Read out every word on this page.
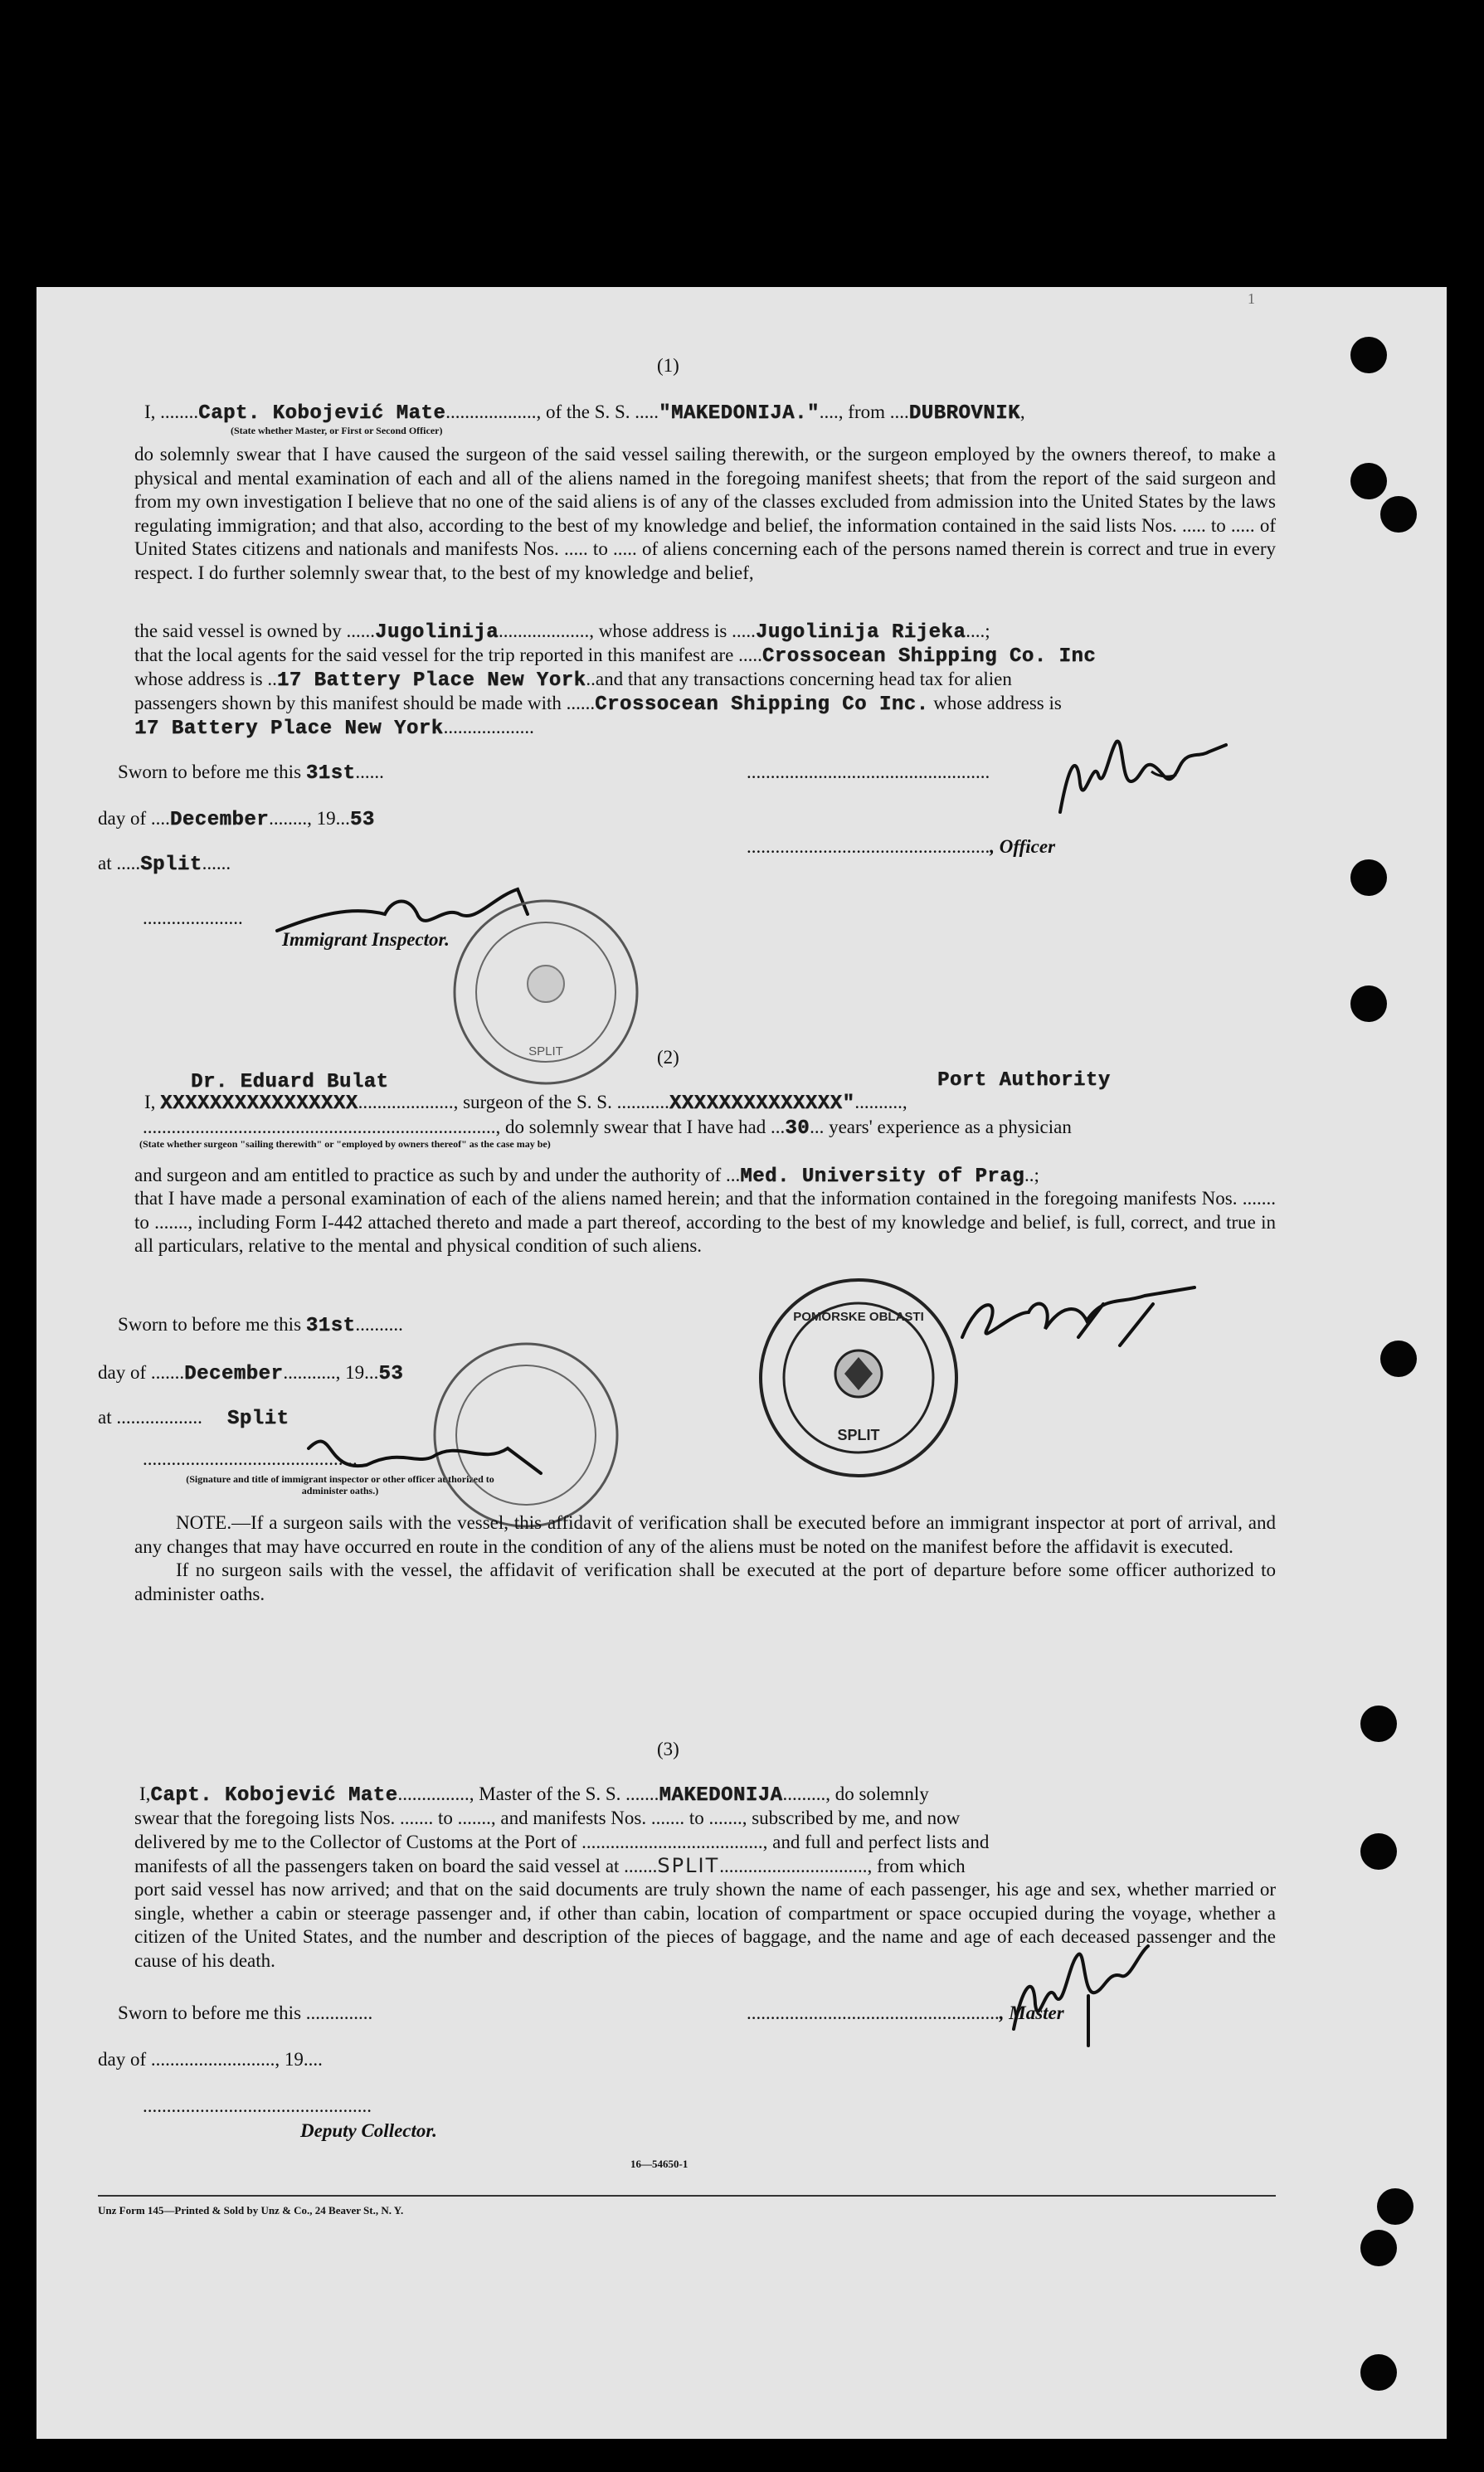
1
(1)
I, ........Capt. Kobojević Mate..................., of the S. S. ....."MAKEDONIJA."...., from ....DUBROVNIK,
(State whether Master, or First or Second Officer)

do solemnly swear that I have caused the surgeon of the said vessel sailing therewith, or the surgeon employed by the owners thereof, to make a physical and mental examination of each and all of the aliens named in the foregoing manifest sheets; that from the report of the said surgeon and from my own investigation I believe that no one of the said aliens is of any of the classes excluded from admission into the United States by the laws regulating immigration; and that also, according to the best of my knowledge and belief, the information contained in the said lists Nos. ..... to ..... of United States citizens and nationals and manifests Nos. ..... to ..... of aliens concerning each of the persons named therein is correct and true in every respect. I do further solemnly swear that, to the best of my knowledge and belief,

the said vessel is owned by ......Jugolinija..................., whose address is .....Jugolinija Rijeka....;
that the local agents for the said vessel for the trip reported in this manifest are .....Crossocean Shipping Co. Inc
whose address is ..17 Battery Place New York..and that any transactions concerning head tax for alien
passengers shown by this manifest should be made with ......Crossocean Shipping Co Inc. whose address is
17 Battery Place New York...................
Sworn to before me this 31st......	...................................................
day of ....December........, 19...53
..................................................., Officer
at .....Split......
.....................
Immigrant Inspector.
SPLIT	(2)
Dr. Eduard Bulat	Port Authority
I, XXXXXXXXXXXXXXXX...................., surgeon of the S. S. ...........XXXXXXXXXXXXXX"..........,
.........................................................................., do solemnly swear that I have had ...30... years' experience as a physician
(State whether surgeon "sailing therewith" or "employed by owners thereof" as the case may be)
and surgeon and am entitled to practice as such by and under the authority of ...Med. University of Prag..;

that I have made a personal examination of each of the aliens named herein; and that the information contained in the foregoing manifests Nos. ....... to ......., including Form I-442 attached thereto and made a part thereof, according to the best of my knowledge and belief, is full, correct, and true in all particulars, relative to the mental and physical condition of such aliens.

Sworn to before me this 31st..........
day of .......December..........., 19...53
at .................. Split
.............................................
(Signature and title of immigrant inspector or other officer authorized to administer oaths.)
SPLIT
POMORSKE OBLASTI

NOTE.—If a surgeon sails with the vessel, this affidavit of verification shall be executed before an immigrant inspector at port of arrival, and any changes that may have occurred en route in the condition of any of the aliens must be noted on the manifest before the affidavit is executed.

If no surgeon sails with the vessel, the affidavit of verification shall be executed at the port of departure before some officer authorized to administer oaths.

(3)
I,Capt. Kobojević Mate..............., Master of the S. S. .......MAKEDONIJA........., do solemnly
swear that the foregoing lists Nos. ....... to ......., and manifests Nos. ....... to ......., subscribed by me, and now
delivered by me to the Collector of Customs at the Port of ......................................, and full and perfect lists and
manifests of all the passengers taken on board the said vessel at .......SPLIT..............................., from which

port said vessel has now arrived; and that on the said documents are truly shown the name of each passenger, his age and sex, whether married or single, whether a cabin or steerage passenger and, if other than cabin, location of compartment or space occupied during the voyage, whether a citizen of the United States, and the number and description of the pieces of baggage, and the name and age of each deceased passenger and the cause of his death.

Sworn to before me this ..............	....................................................., Master
day of .........................., 19....
................................................
Deputy Collector.
16—54650-1
Unz Form 145—Printed & Sold by Unz & Co., 24 Beaver St., N. Y.
